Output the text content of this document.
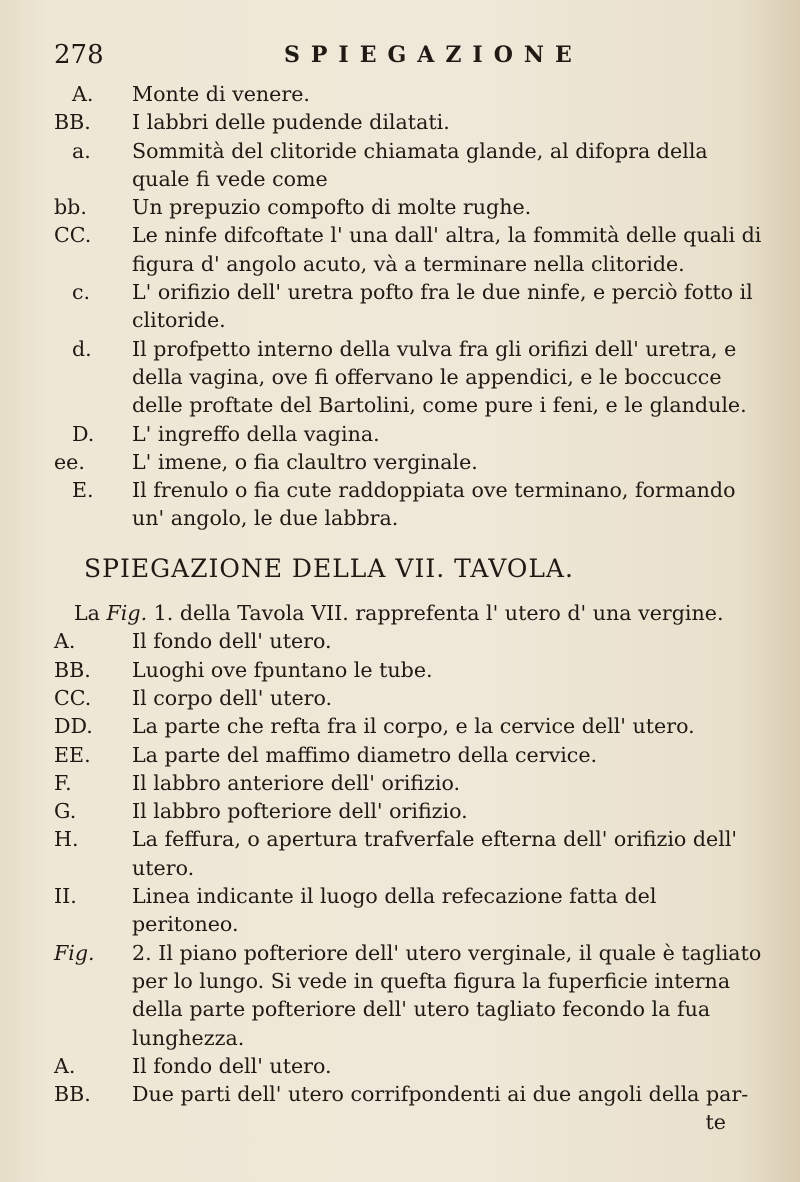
278	SPIEGAZIONE
A.	Monte di venere.
BB.	I labbri delle pudende dilatati.
a.	Sommità del clitoride chiamata glande, al difopra della quale fi vede come
bb.	Un prepuzio compofto di molte rughe.
CC.	Le ninfe difcoftate l' una dall' altra, la fommità delle quali di figura d' angolo acuto, và a terminare nella clitoride.
c.	L' orifizio dell' uretra pofto fra le due ninfe, e perciò fotto il clitoride.
d.	Il profpetto interno della vulva fra gli orifizi dell' uretra, e della vagina, ove fi offervano le appendici, e le boccucce delle proftate del Bartolini, come pure i feni, e le glandule.
D.	L' ingreffo della vagina.
ee.	L' imene, o fia claultro verginale.
E.	Il frenulo o fia cute raddoppiata ove terminano, formando un' angolo, le due labbra.
SPIEGAZIONE DELLA VII. TAVOLA.
La Fig. 1. della Tavola VII. rapprefenta l' utero d' una vergine.
A.	Il fondo dell' utero.
BB.	Luoghi ove fpuntano le tube.
CC.	Il corpo dell' utero.
DD.	La parte che refta fra il corpo, e la cervice dell' utero.
EE.	La parte del maffimo diametro della cervice.
F.	Il labbro anteriore dell' orifizio.
G.	Il labbro pofteriore dell' orifizio.
H.	La feffura, o apertura trafverfale efterna dell' orifizio dell' utero.
II.	Linea indicante il luogo della refecazione fatta del peritoneo.
Fig.	2. Il piano pofteriore dell' utero verginale, il quale è tagliato per lo lungo. Si vede in quefta figura la fuperficie interna della parte pofteriore dell' utero tagliato fecondo la fua lunghezza.
A.	Il fondo dell' utero.
BB.	Due parti dell' utero corrifpondenti ai due angoli della par-
te
